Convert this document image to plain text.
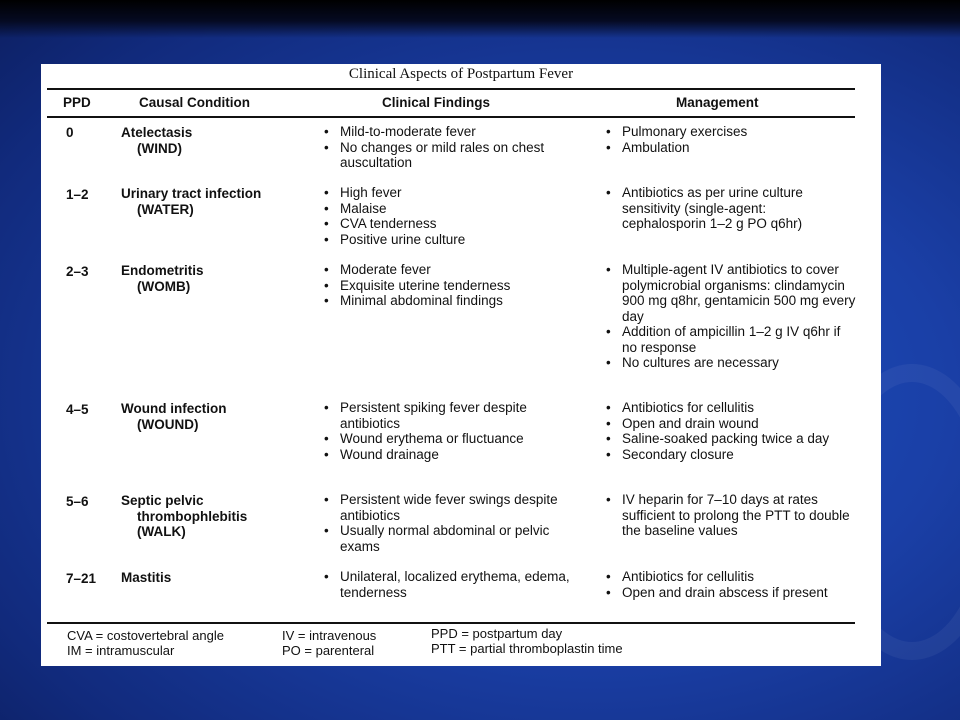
Clinical Aspects of Postpartum Fever
PPD	Causal Condition	Clinical Findings	Management
0	Atelectasis
(WIND)
• Mild-to-moderate fever
• No changes or mild rales on chest auscultation
• Pulmonary exercises
• Ambulation
1–2 Urinary tract infection
(WATER)
• High fever
• Malaise
• CVA tenderness
• Positive urine culture
• Antibiotics as per urine culture sensitivity (single-agent: cephalosporin 1–2 g PO q6hr)
2–3 Endometritis
(WOMB)
• Moderate fever
• Exquisite uterine tenderness
• Minimal abdominal findings
• Multiple-agent IV antibiotics to cover polymicrobial organisms: clindamycin 900 mg q8hr, gentamicin 500 mg every day
• Addition of ampicillin 1–2 g IV q6hr if no response
• No cultures are necessary
4–5 Wound infection
(WOUND)
• Persistent spiking fever despite antibiotics
• Wound erythema or fluctuance
• Wound drainage
• Antibiotics for cellulitis
• Open and drain wound
• Saline-soaked packing twice a day
• Secondary closure
5–6 Septic pelvic thrombophlebitis
(WALK)
• Persistent wide fever swings despite antibiotics
• Usually normal abdominal or pelvic exams
• IV heparin for 7–10 days at rates sufficient to prolong the PTT to double the baseline values
7–21 Mastitis
•	Unilateral, localized erythema, edema, tenderness
• Antibiotics for cellulitis
• Open and drain abscess if present
CVA = costovertebral angle
IM = intramuscular
IV = intravenous
PO = parenteral
PPD = postpartum day
PTT = partial thromboplastin time
